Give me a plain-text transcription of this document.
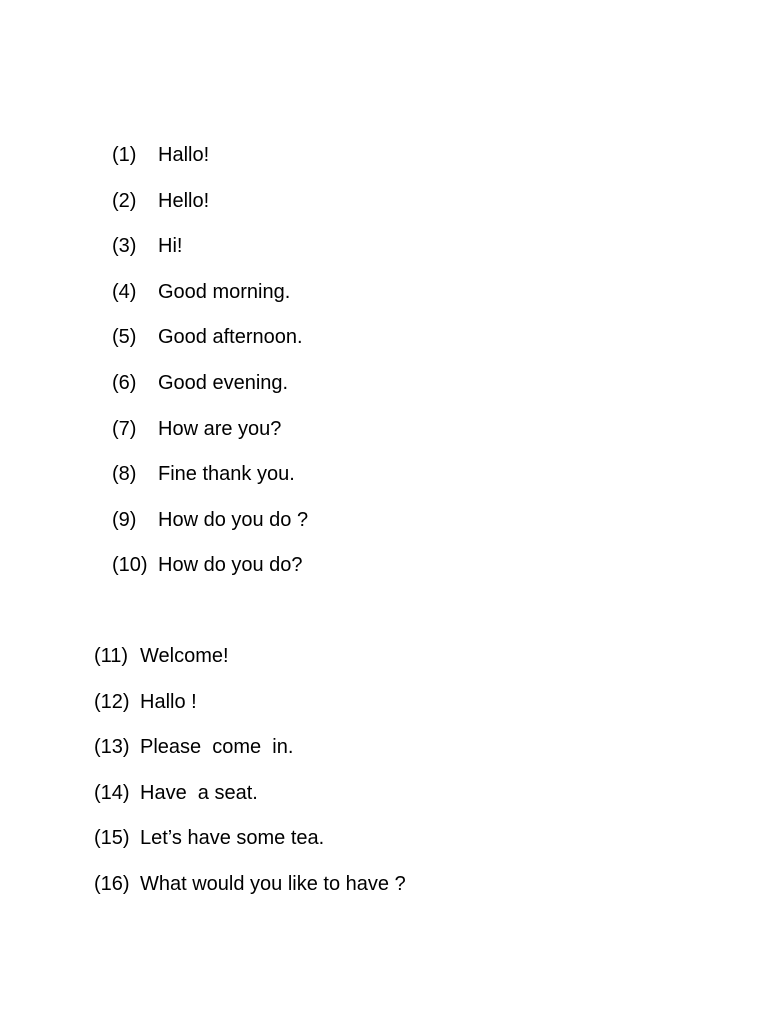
(1)	Hallo!
(2)	Hello!
(3)	Hi!
(4)	Good morning.
(5)	Good afternoon.
(6)	Good evening.
(7)	How are you?
(8)	Fine thank you.
(9)	How do you do ?
(10) How do you do?
(11) Welcome!
(12) Hallo !
(13) Please  come  in.
(14) Have  a seat.
(15) Let’s have some tea.
(16) What would you like to have ?
